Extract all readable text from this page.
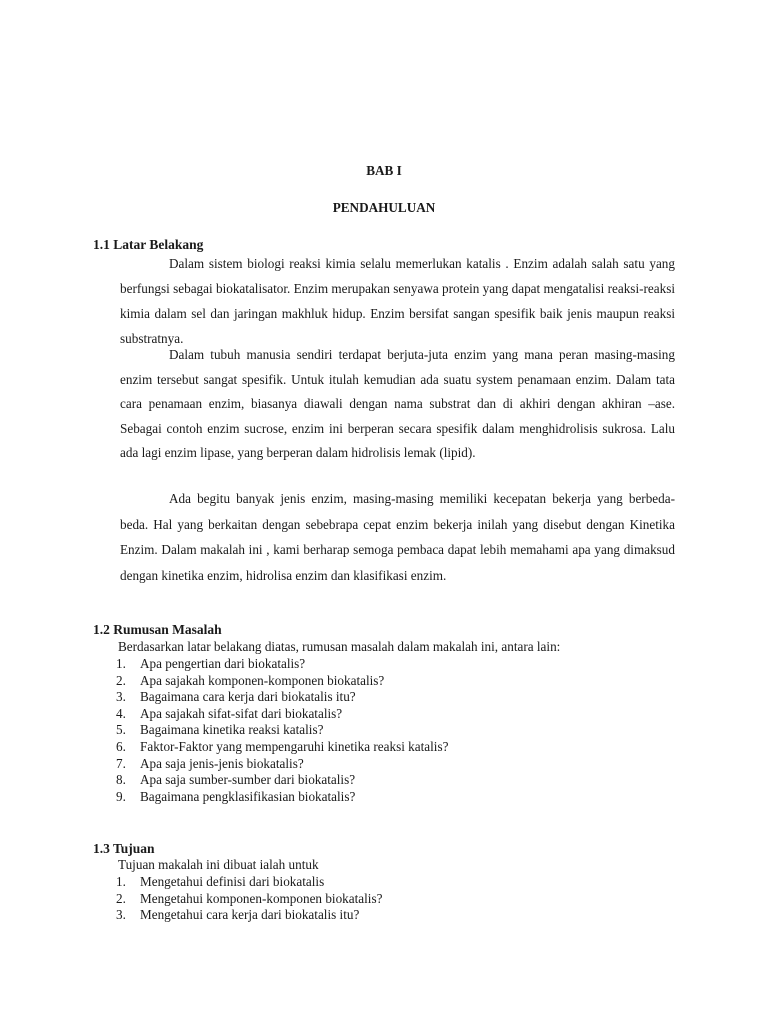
BAB I
PENDAHULUAN
1.1 Latar Belakang

Dalam sistem biologi reaksi kimia selalu memerlukan katalis . Enzim adalah salah satu yang berfungsi sebagai biokatalisator. Enzim merupakan senyawa protein yang dapat mengatalisi reaksi-reaksi kimia dalam sel dan jaringan makhluk hidup. Enzim bersifat sangan spesifik baik jenis maupun reaksi substratnya.

Dalam tubuh manusia sendiri terdapat berjuta-juta enzim yang mana peran masing-masing enzim tersebut sangat spesifik. Untuk itulah kemudian ada suatu system penamaan enzim. Dalam tata cara penamaan enzim, biasanya diawali dengan nama substrat dan di akhiri dengan akhiran –ase. Sebagai contoh enzim sucrose, enzim ini berperan secara spesifik dalam menghidrolisis sukrosa. Lalu ada lagi enzim lipase, yang berperan dalam hidrolisis lemak (lipid).

Ada begitu banyak jenis enzim, masing-masing memiliki kecepatan bekerja yang berbeda-beda. Hal yang berkaitan dengan sebebrapa cepat enzim bekerja inilah yang disebut dengan Kinetika Enzim. Dalam makalah ini , kami berharap semoga pembaca dapat lebih memahami apa yang dimaksud dengan kinetika enzim, hidrolisa enzim dan klasifikasi enzim.

1.2 Rumusan Masalah

Berdasarkan latar belakang diatas, rumusan masalah dalam makalah ini, antara lain:

1. Apa pengertian dari biokatalis?
2. Apa sajakah komponen-komponen biokatalis?
3. Bagaimana cara kerja dari biokatalis itu?
4. Apa sajakah sifat-sifat dari biokatalis?
5. Bagaimana kinetika reaksi katalis?
6. Faktor-Faktor yang mempengaruhi kinetika reaksi katalis?
7. Apa saja jenis-jenis biokatalis?
8. Apa saja sumber-sumber dari biokatalis?
9. Bagaimana pengklasifikasian biokatalis?
1.3 Tujuan

Tujuan makalah ini dibuat ialah untuk

1. Mengetahui definisi dari biokatalis
2. Mengetahui komponen-komponen biokatalis?
3. Mengetahui cara kerja dari biokatalis itu?
